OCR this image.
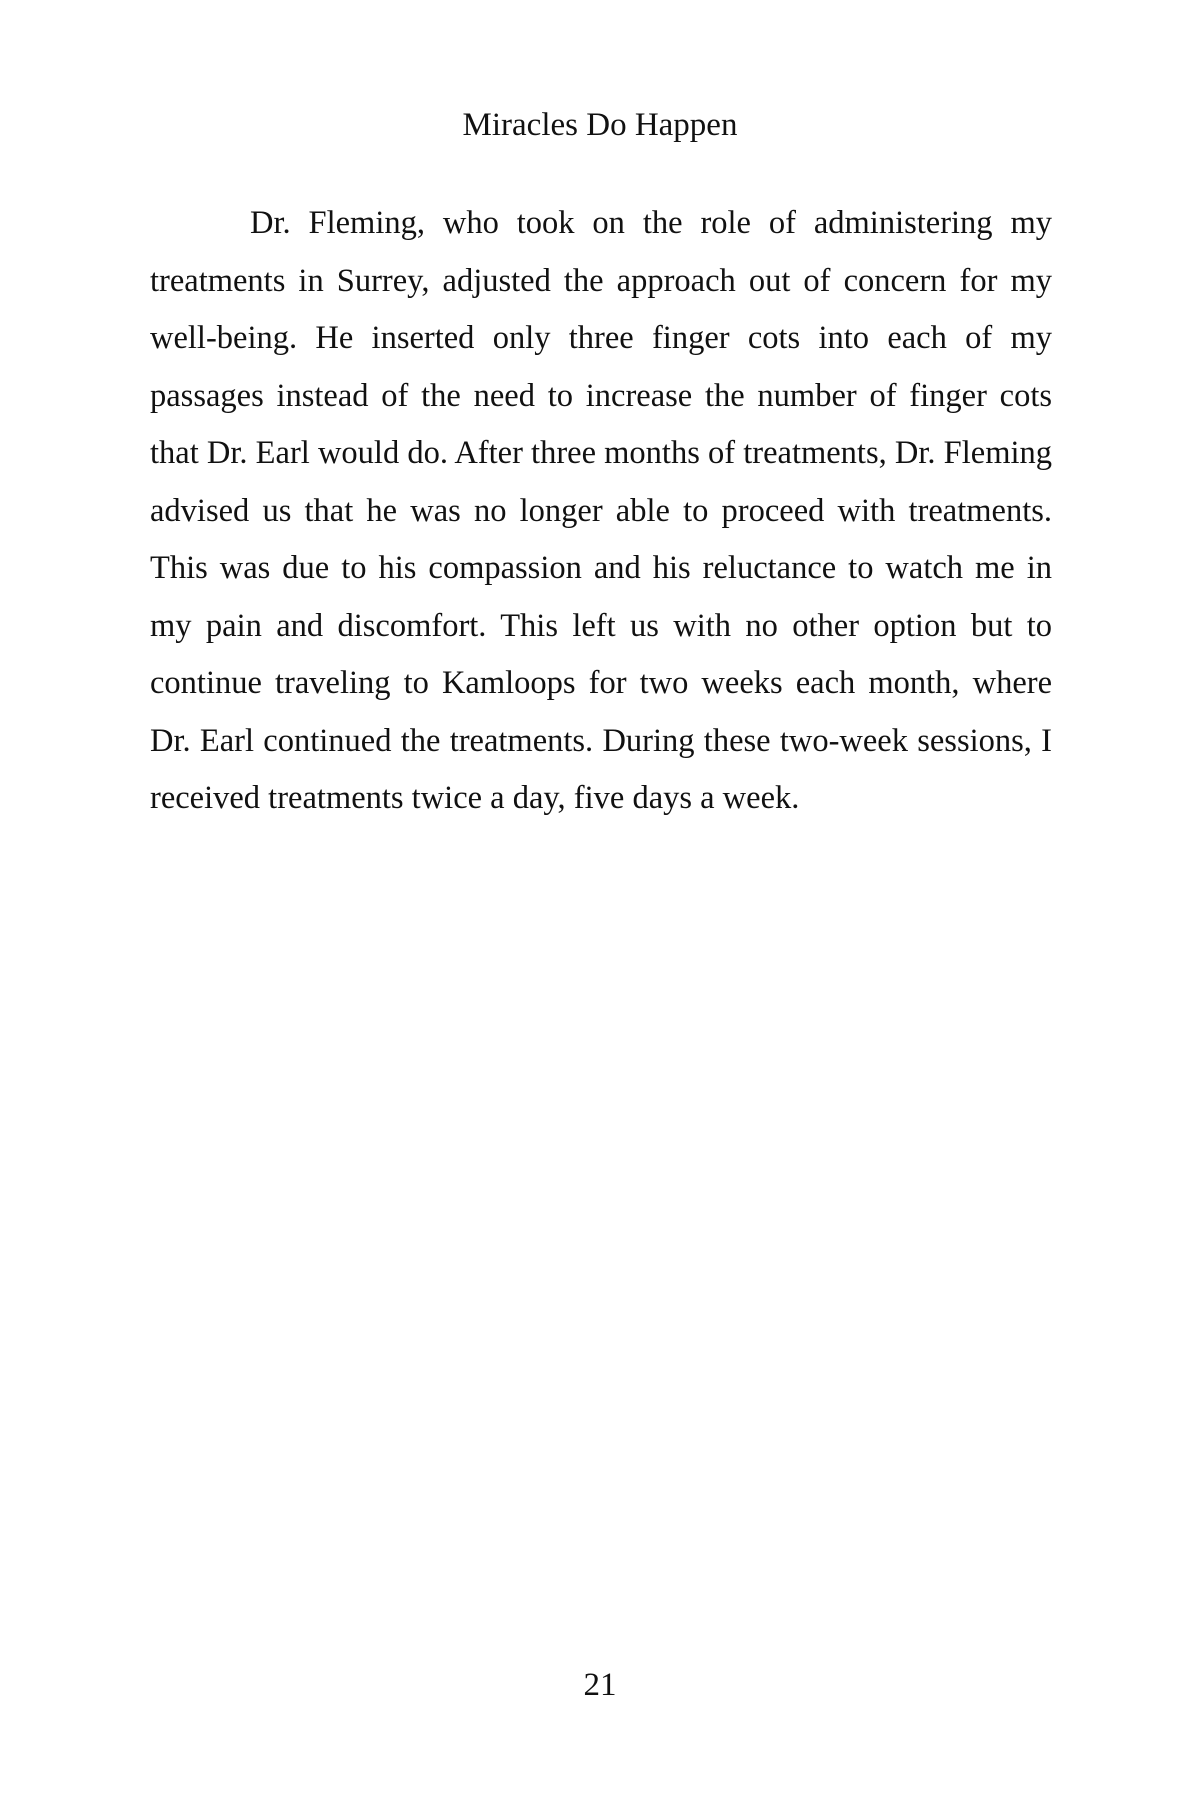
Miracles Do Happen

Dr. Fleming, who took on the role of administering my treatments in Surrey, adjusted the approach out of concern for my well-being. He inserted only three finger cots into each of my passages instead of the need to increase the number of finger cots that Dr. Earl would do. After three months of treatments, Dr. Fleming advised us that he was no longer able to proceed with treatments. This was due to his compassion and his reluctance to watch me in my pain and discomfort. This left us with no other option but to continue traveling to Kamloops for two weeks each month, where Dr. Earl continued the treatments. During these two-week sessions, I received treatments twice a day, five days a week.

21
